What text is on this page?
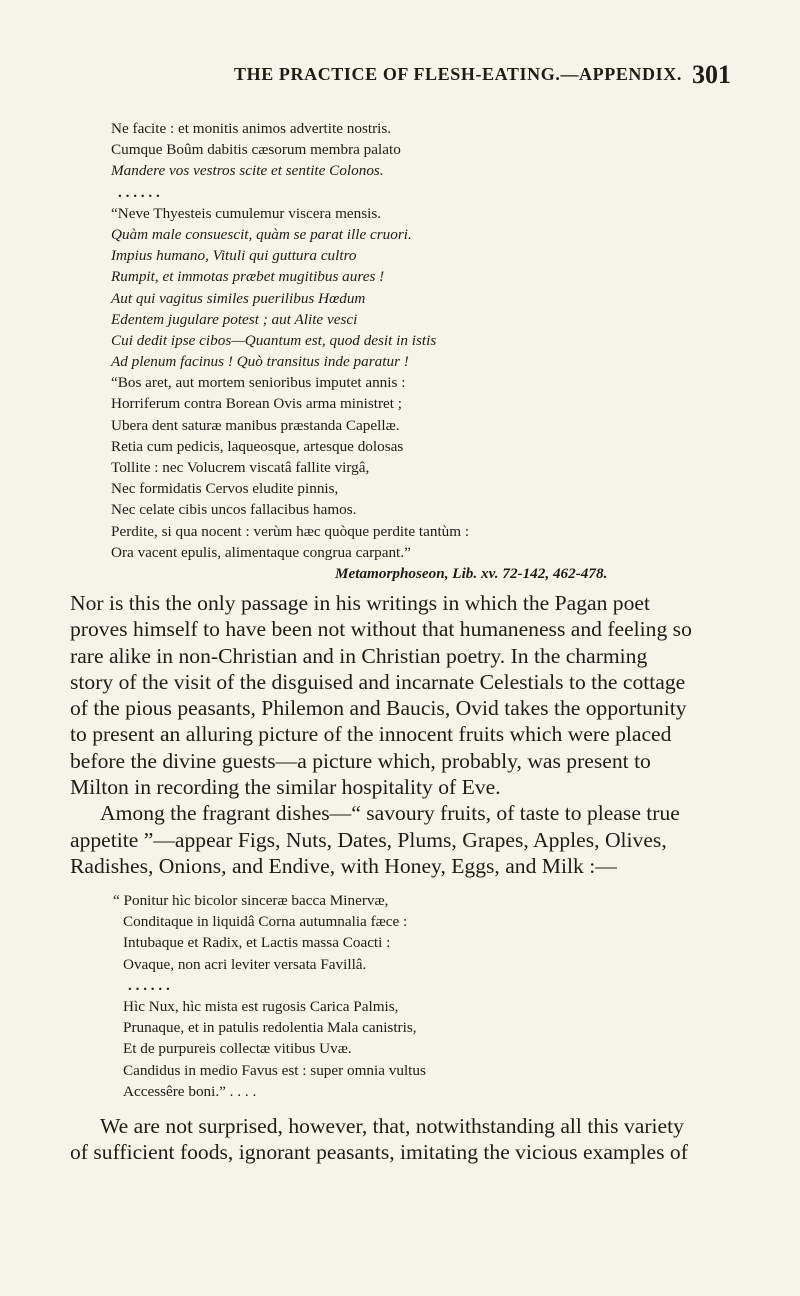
THE PRACTICE OF FLESH-EATING.—APPENDIX. 301
Ne facite : et monitis animos advertite nostris.
Cumque Boûm dabitis cæsorum membra palato
Mandere vos vestros scite et sentite Colonos.
. . . . . .
“Neve Thyesteis cumulemur viscera mensis.
Quàm male consuescit, quàm se parat ille cruori.
Impius humano, Vituli qui guttura cultro
Rumpit, et immotas præbet mugitibus aures !
Aut qui vagitus similes puerilibus Hœdum
Edentem jugulare potest ; aut Alite vesci
Cui dedit ipse cibos—Quantum est, quod desit in istis
Ad plenum facinus ! Quò transitus inde paratur !
“Bos aret, aut mortem senioribus imputet annis :
Horriferum contra Borean Ovis arma ministret ;
Ubera dent saturæ manibus præstanda Capellæ.
Retia cum pedicis, laqueosque, artesque dolosas
Tollite : nec Volucrem viscatâ fallite virgâ,
Nec formidatis Cervos eludite pinnis,
Nec celate cibis uncos fallacibus hamos.
Perdite, si qua nocent : verùm hæc quòque perdite tantùm :
Ora vacent epulis, alimentaque congrua carpant.”
Metamorphoseon, Lib. xv. 72-142, 462-478.
Nor is this the only passage in his writings in which the Pagan poet
proves himself to have been not without that humaneness and feeling so
rare alike in non-Christian and in Christian poetry. In the charming
story of the visit of the disguised and incarnate Celestials to the cottage
of the pious peasants, Philemon and Baucis, Ovid takes the opportunity
to present an alluring picture of the innocent fruits which were placed
before the divine guests—a picture which, probably, was present to
Milton in recording the similar hospitality of Eve.
Among the fragrant dishes—“ savoury fruits, of taste to please true
appetite ”—appear Figs, Nuts, Dates, Plums, Grapes, Apples, Olives,
Radishes, Onions, and Endive, with Honey, Eggs, and Milk :—
“ Ponitur hìc bicolor sinceræ bacca Minervæ,
Conditaque in liquidâ Corna autumnalia fæce :
Intubaque et Radix, et Lactis massa Coacti :
Ovaque, non acri leviter versata Favillâ.
. . . . . .
Hìc Nux, hìc mista est rugosis Carica Palmis,
Prunaque, et in patulis redolentia Mala canistris,
Et de purpureis collectæ vitibus Uvæ.
Candidus in medio Favus est : super omnia vultus
Accessêre boni.” . . . .
We are not surprised, however, that, notwithstanding all this variety
of sufficient foods, ignorant peasants, imitating the vicious examples of
